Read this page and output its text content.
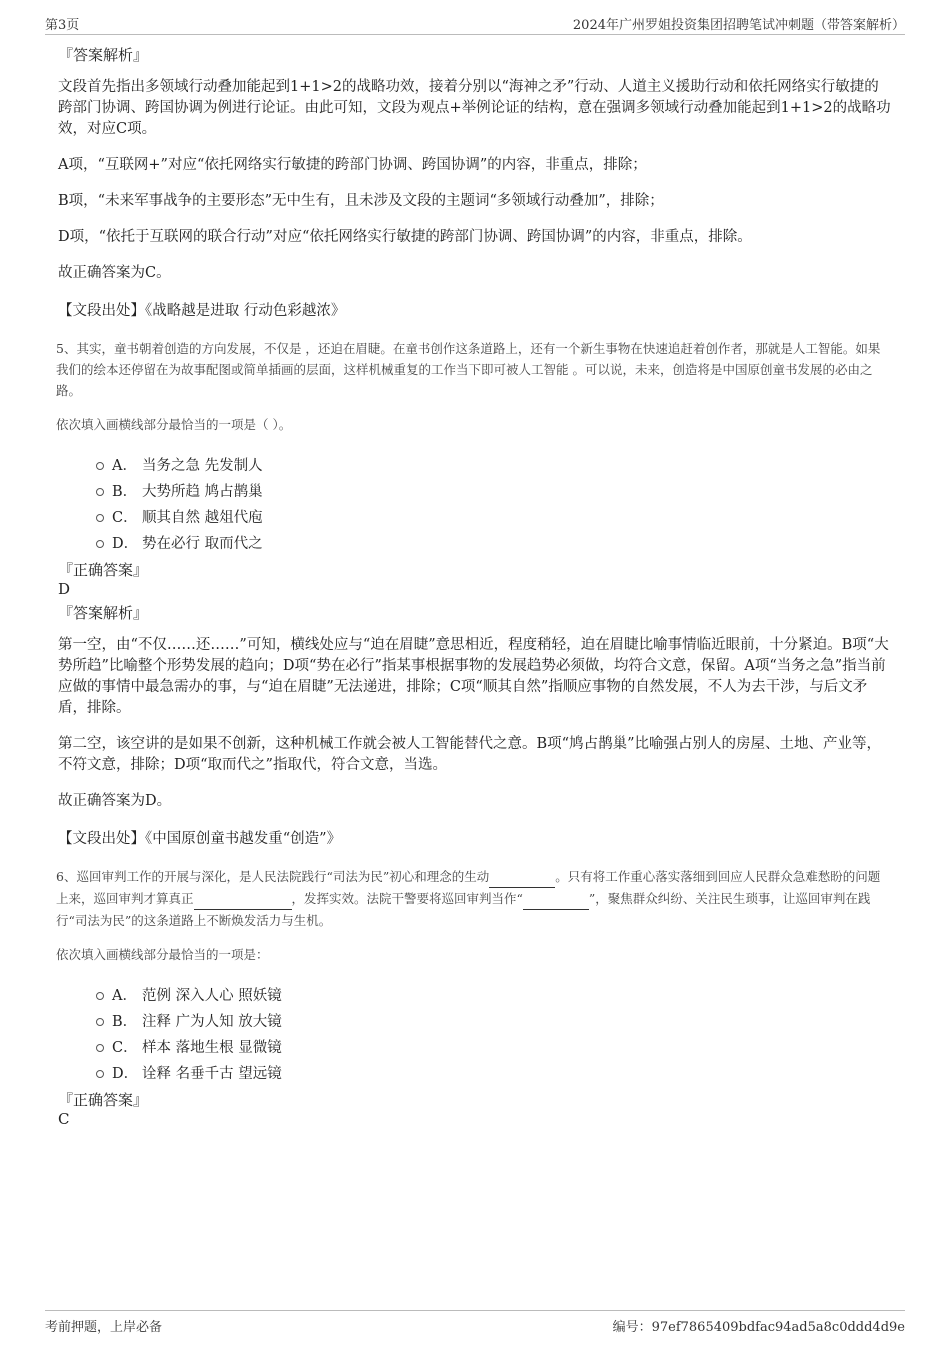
第3页	2024年广州罗姐投资集团招聘笔试冲刺题（带答案解析）
『答案解析』
文段首先指出多领域行动叠加能起到1+1>2的战略功效，接着分别以“海神之矛”行动、人道主义援助行动和依托网络实行敏捷的跨部门协调、跨国协调为例进行论证。由此可知，文段为观点+举例论证的结构，意在强调多领域行动叠加能起到1+1>2的战略功效，对应C项。
A项，“互联网+”对应“依托网络实行敏捷的跨部门协调、跨国协调”的内容，非重点，排除；
B项，“未来军事战争的主要形态”无中生有，且未涉及文段的主题词“多领域行动叠加”，排除；
D项，“依托于互联网的联合行动”对应“依托网络实行敏捷的跨部门协调、跨国协调”的内容，非重点，排除。
故正确答案为C。
【文段出处】《战略越是进取 行动色彩越浓》
5、其实，童书朝着创造的方向发展，不仅是 ，还迫在眉睫。在童书创作这条道路上，还有一个新生事物在快速追赶着创作者，那就是人工智能。如果我们的绘本还停留在为故事配图或简单插画的层面，这样机械重复的工作当下即可被人工智能 。可以说，未来，创造将是中国原创童书发展的必由之路。
依次填入画横线部分最恰当的一项是（ ）。
A． 当务之急 先发制人
B． 大势所趋 鸠占鹊巢
C． 顺其自然 越俎代庖
D． 势在必行 取而代之
『正确答案』
D
『答案解析』
第一空，由“不仅……还……”可知，横线处应与“迫在眉睫”意思相近，程度稍轻，迫在眉睫比喻事情临近眼前，十分紧迫。B项“大势所趋”比喻整个形势发展的趋向；D项“势在必行”指某事根据事物的发展趋势必须做，均符合文意，保留。A项“当务之急”指当前应做的事情中最急需办的事，与“迫在眉睫”无法递进，排除；C项“顺其自然”指顺应事物的自然发展，不人为去干涉，与后文矛盾，排除。
第二空，该空讲的是如果不创新，这种机械工作就会被人工智能替代之意。B项“鸠占鹊巢”比喻强占别人的房屋、土地、产业等，不符文意，排除；D项“取而代之”指取代，符合文意，当选。
故正确答案为D。
【文段出处】《中国原创童书越发重“创造”》
6、巡回审判工作的开展与深化，是人民法院践行“司法为民”初心和理念的生动	。只有将工作重心落实落细到回应人民群众急难愁盼的问题上来，巡回审判才算真正	，发挥实效。法院干警要将巡回审判当作“	”，聚焦群众纠纷、关注民生琐事，让巡回审判在践行“司法为民”的这条道路上不断焕发活力与生机。
依次填入画横线部分最恰当的一项是：
A． 范例 深入人心 照妖镜
B． 注释 广为人知 放大镜
C． 样本 落地生根 显微镜
D． 诠释 名垂千古 望远镜
『正确答案』
C
考前押题，上岸必备	编号：97ef7865409bdfac94ad5a8c0ddd4d9e
